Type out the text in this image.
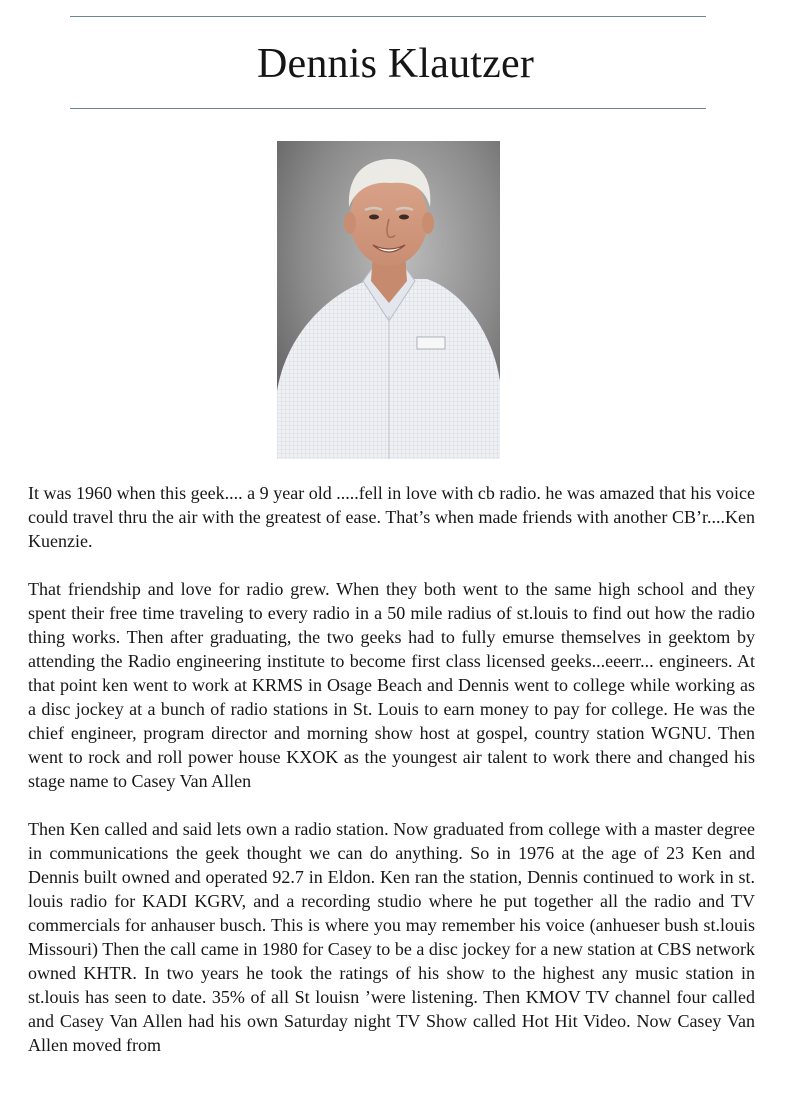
Dennis Klautzer

It was 1960 when this geek.... a 9 year old .....fell in love with cb radio. he was amazed that his voice could travel thru the air with the greatest of ease. That’s when made friends with another CB’r....Ken Kuenzie.

That friendship and love for radio grew. When they both went to the same high school and they spent their free time traveling to every radio in a 50 mile radius of st.louis to find out how the radio thing works. Then after graduating, the two geeks had to fully emurse themselves in geektom by attending the Radio engineering institute to become first class licensed geeks...eeerr... engineers. At that point ken went to work at KRMS in Osage Beach and Dennis went to college while working as a disc jockey at a bunch of radio stations in St. Louis to earn money to pay for college. He was the chief engineer, program director and morning show host at gospel, country station WGNU. Then went to rock and roll power house KXOK as the youngest air talent to work there and changed his stage name to Casey Van Allen

Then Ken called and said lets own a radio station. Now graduated from college with a master degree in communications the geek thought we can do anything. So in 1976 at the age of 23 Ken and Dennis built owned and operated 92.7 in Eldon. Ken ran the station, Dennis continued to work in st. louis radio for KADI KGRV, and a recording studio where he put together all the radio and TV commercials for anhauser busch. This is where you may remember his voice (anhueser bush st.louis Missouri) Then the call came in 1980 for Casey to be a disc jockey for a new station at CBS network owned KHTR. In two years he took the ratings of his show to the highest any music station in st.louis has seen to date. 35% of all St louisn ’were listening. Then KMOV TV channel four called and Casey Van Allen had his own Saturday night TV Show called Hot Hit Video. Now Casey Van Allen moved from
